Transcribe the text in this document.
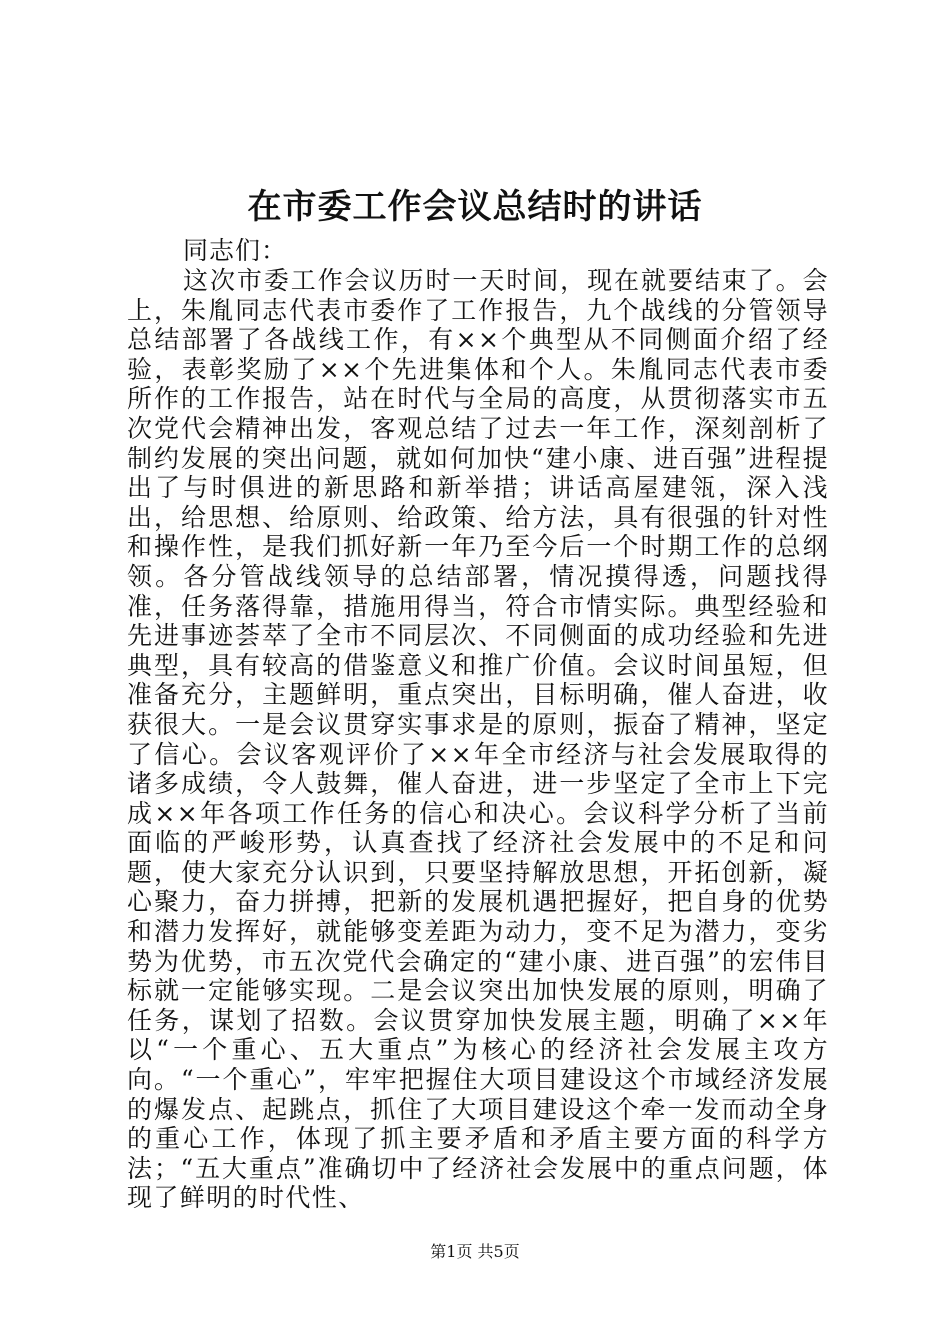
在市委工作会议总结时的讲话

同志们：

这次市委工作会议历时一天时间，现在就要结束了。会上，朱胤同志代表市委作了工作报告，九个战线的分管领导总结部署了各战线工作，有××个典型从不同侧面介绍了经验，表彰奖励了××个先进集体和个人。朱胤同志代表市委所作的工作报告，站在时代与全局的高度，从贯彻落实市五次党代会精神出发，客观总结了过去一年工作，深刻剖析了制约发展的突出问题，就如何加快“建小康、进百强”进程提出了与时俱进的新思路和新举措；讲话高屋建瓴，深入浅出，给思想、给原则、给政策、给方法，具有很强的针对性和操作性，是我们抓好新一年乃至今后一个时期工作的总纲领。各分管战线领导的总结部署，情况摸得透，问题找得准，任务落得靠，措施用得当，符合市情实际。典型经验和先进事迹荟萃了全市不同层次、不同侧面的成功经验和先进典型，具有较高的借鉴意义和推广价值。会议时间虽短，但准备充分，主题鲜明，重点突出，目标明确，催人奋进，收获很大。一是会议贯穿实事求是的原则，振奋了精神，坚定了信心。会议客观评价了××年全市经济与社会发展取得的诸多成绩，令人鼓舞，催人奋进，进一步坚定了全市上下完成××年各项工作任务的信心和决心。会议科学分析了当前面临的严峻形势，认真查找了经济社会发展中的不足和问题，使大家充分认识到，只要坚持解放思想，开拓创新，凝心聚力，奋力拼搏，把新的发展机遇把握好，把自身的优势和潜力发挥好，就能够变差距为动力，变不足为潜力，变劣势为优势，市五次党代会确定的“建小康、进百强”的宏伟目标就一定能够实现。二是会议突出加快发展的原则，明确了任务，谋划了招数。会议贯穿加快发展主题，明确了××年以“一个重心、五大重点”为核心的经济社会发展主攻方向。“一个重心”，牢牢把握住大项目建设这个市域经济发展的爆发点、起跳点，抓住了大项目建设这个牵一发而动全身的重心工作，体现了抓主要矛盾和矛盾主要方面的科学方法；“五大重点”准确切中了经济社会发展中的重点问题，体现了鲜明的时代性、

第1页 共5页
